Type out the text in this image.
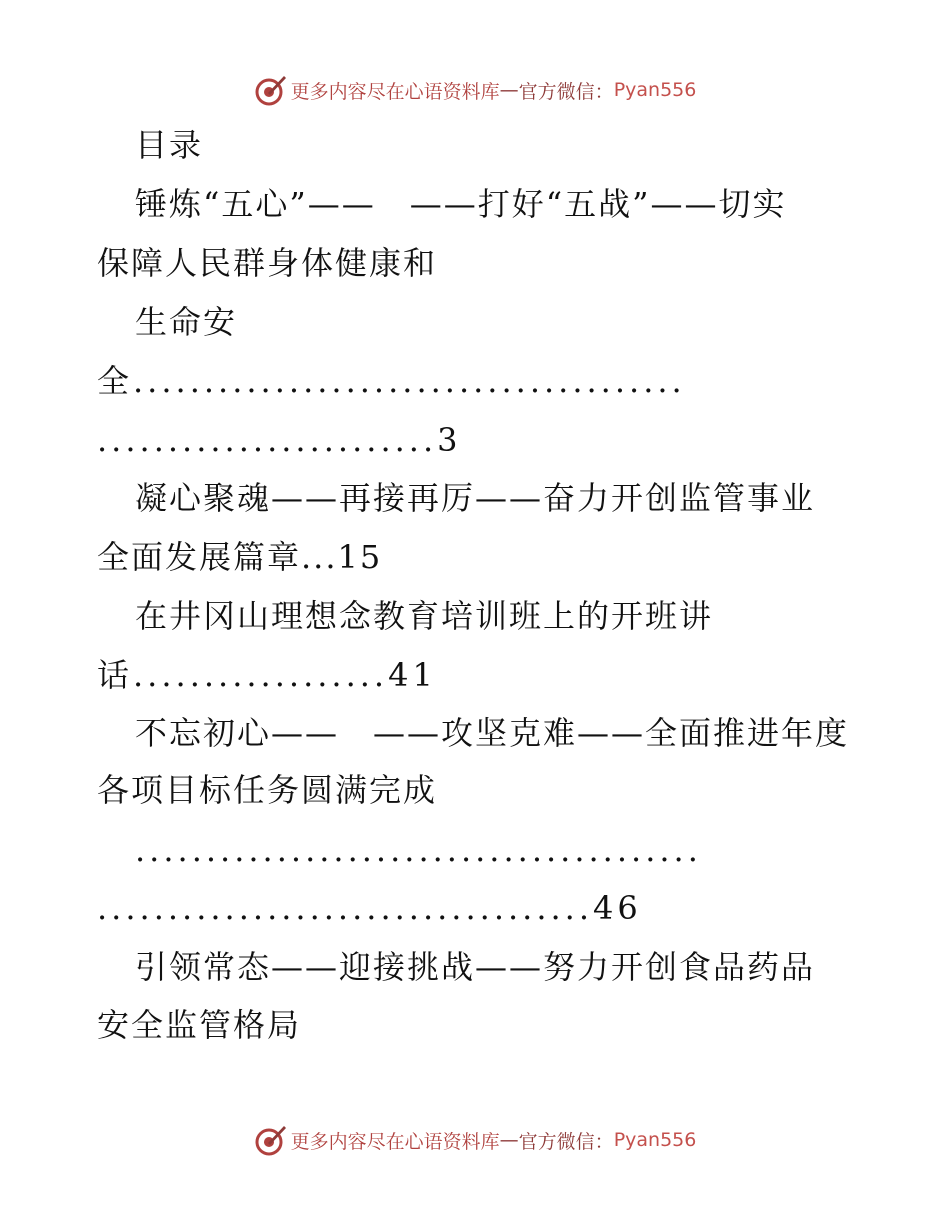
更多内容尽在心语资料库 — 官方微信： Pyan556
目录
锤炼“五心”——　——打好“五战”——切实
保障人民群身体健康和
生命安
全.......................................
........................3
凝心聚魂——再接再厉——奋力开创监管事业
全面发展篇章...15
在井冈山理想念教育培训班上的开班讲
话..................41
不忘初心——　——攻坚克难——全面推进年度
各项目标任务圆满完成
........................................
...................................46
引领常态——迎接挑战——努力开创食品药品
安全监管格局
更多内容尽在心语资料库 — 官方微信： Pyan556
